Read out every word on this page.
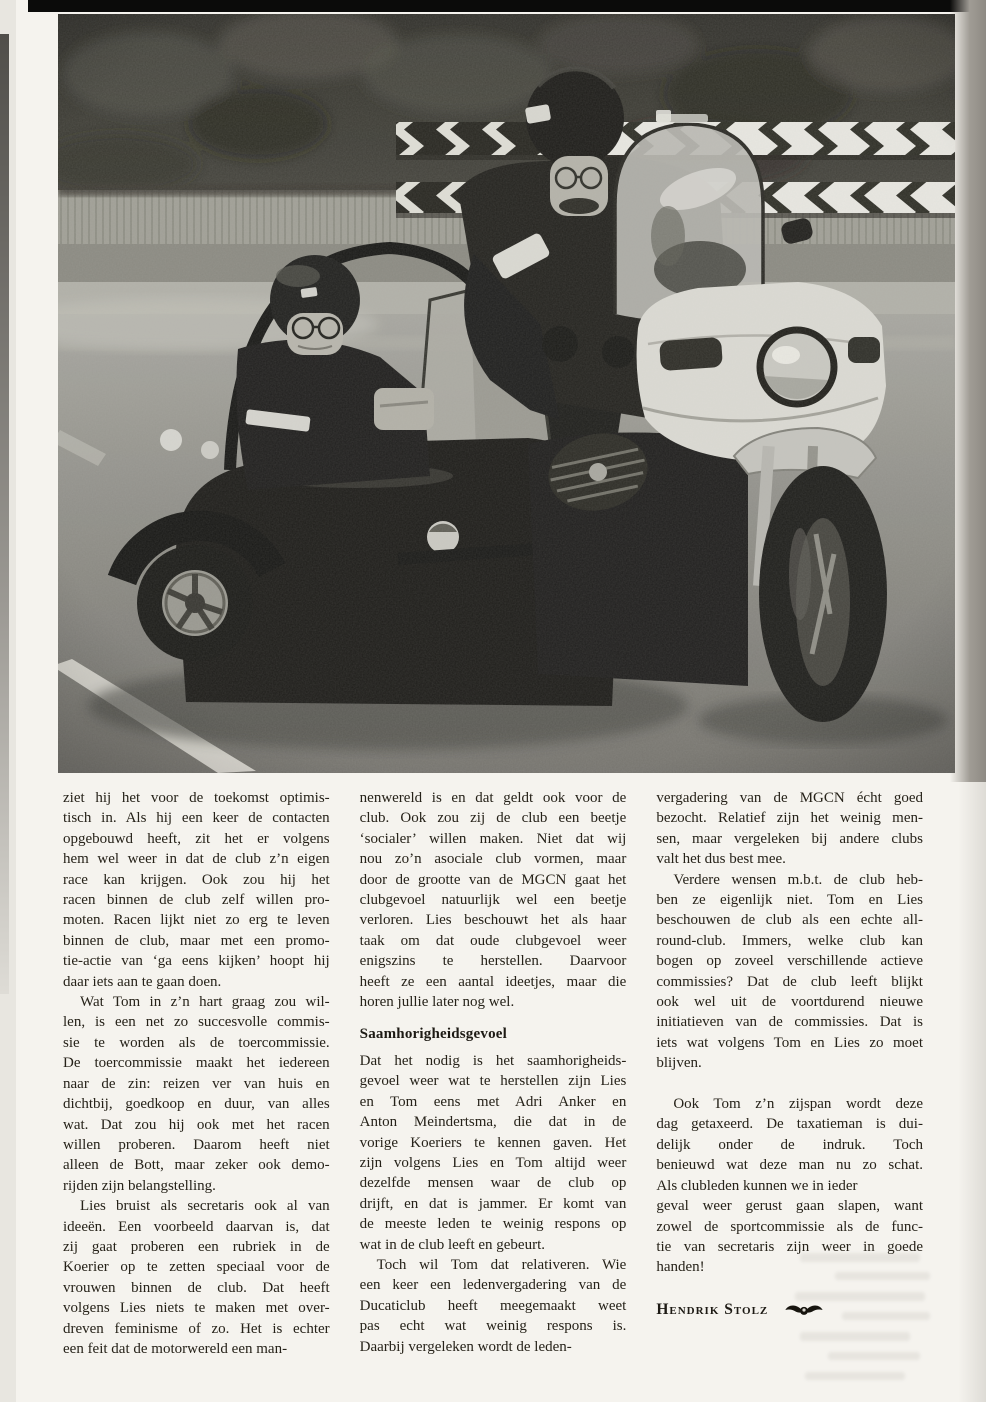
ziet hij het voor de toekomst optimis-
tisch in. Als hij een keer de contacten
opgebouwd heeft, zit het er volgens
hem wel weer in dat de club z’n eigen
race kan krijgen. Ook zou hij het
racen binnen de club zelf willen pro-
moten. Racen lijkt niet zo erg te leven
binnen de club, maar met een promo-
tie-actie van ‘ga eens kijken’ hoopt hij
daar iets aan te gaan doen.
Wat Tom in z’n hart graag zou wil-
len, is een net zo succesvolle commis-
sie te worden als de toercommissie.
De toercommissie maakt het iedereen
naar de zin: reizen ver van huis en
dichtbij, goedkoop en duur, van alles
wat. Dat zou hij ook met het racen
willen proberen. Daarom heeft niet
alleen de Bott, maar zeker ook demo-
rijden zijn belangstelling.
Lies bruist als secretaris ook al van
ideeën. Een voorbeeld daarvan is, dat
zij gaat proberen een rubriek in de
Koerier op te zetten speciaal voor de
vrouwen binnen de club. Dat heeft
volgens Lies niets te maken met over-
dreven feminisme of zo. Het is echter
een feit dat de motorwereld een man-
nenwereld is en dat geldt ook voor de
club. Ook zou zij de club een beetje
‘socialer’ willen maken. Niet dat wij
nou zo’n asociale club vormen, maar
door de grootte van de MGCN gaat het
clubgevoel natuurlijk wel een beetje
verloren. Lies beschouwt het als haar
taak om dat oude clubgevoel weer
enigszins te herstellen. Daarvoor
heeft ze een aantal ideetjes, maar die
horen jullie later nog wel.
Saamhorigheidsgevoel
Dat het nodig is het saamhorigheids-
gevoel weer wat te herstellen zijn Lies
en Tom eens met Adri Anker en
Anton Meindertsma, die dat in de
vorige Koeriers te kennen gaven. Het
zijn volgens Lies en Tom altijd weer
dezelfde mensen waar de club op
drijft, en dat is jammer. Er komt van
de meeste leden te weinig respons op
wat in de club leeft en gebeurt.
Toch wil Tom dat relativeren. Wie
een keer een ledenvergadering van de
Ducaticlub heeft meegemaakt weet
pas echt wat weinig respons is.
Daarbij vergeleken wordt de leden-
vergadering van de MGCN écht goed
bezocht. Relatief zijn het weinig men-
sen, maar vergeleken bij andere clubs
valt het dus best mee.
Verdere wensen m.b.t. de club heb-
ben ze eigenlijk niet. Tom en Lies
beschouwen de club als een echte all-
round-club. Immers, welke club kan
bogen op zoveel verschillende actieve
commissies? Dat de club leeft blijkt
ook wel uit de voortdurend nieuwe
initiatieven van de commissies. Dat is
iets wat volgens Tom en Lies zo moet
blijven.
Ook Tom z’n zijspan wordt deze
dag getaxeerd. De taxatieman is dui-
delijk onder de indruk. Toch
benieuwd wat deze man nu zo schat.
Als clubleden kunnen we in ieder
geval weer gerust gaan slapen, want
zowel de sportcommissie als de func-
tie van secretaris zijn weer in goede
handen!
Hendrik Stolz
